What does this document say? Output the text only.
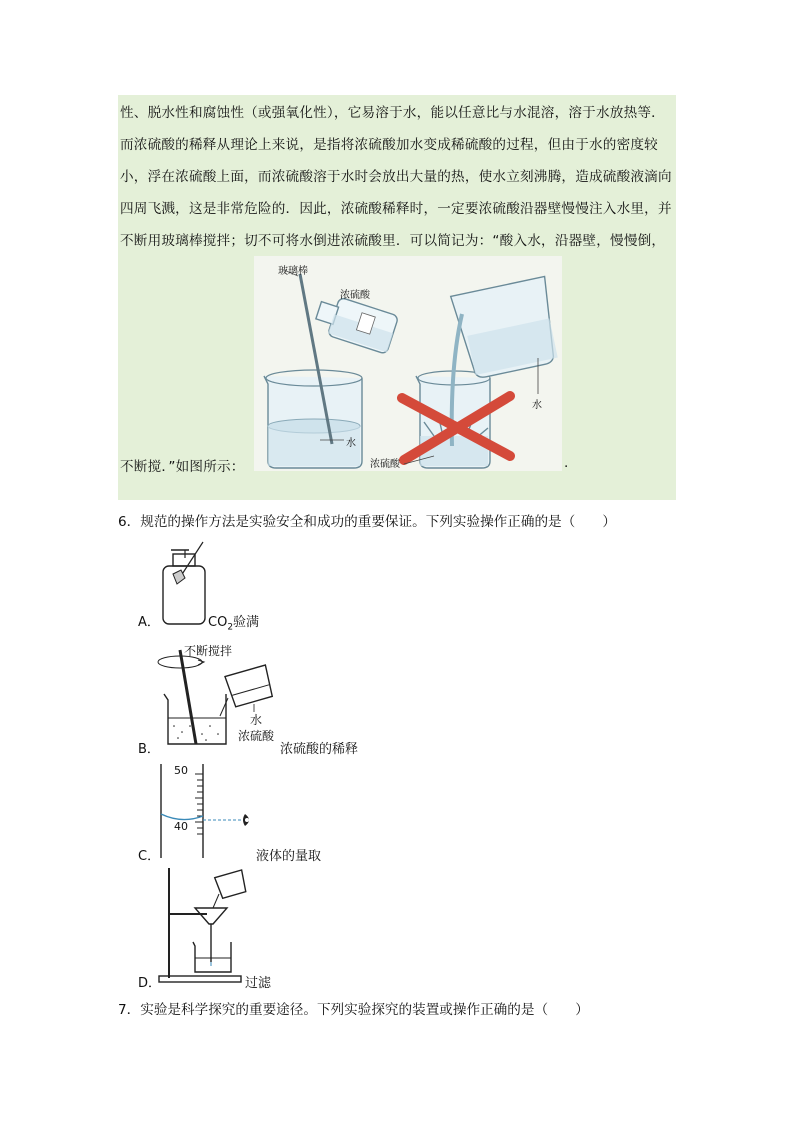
性、脱水性和腐蚀性（或强氧化性），它易溶于水，能以任意比与水混溶，溶于水放热等．
而浓硫酸的稀释从理论上来说，是指将浓硫酸加水变成稀硫酸的过程，但由于水的密度较
小，浮在浓硫酸上面，而浓硫酸溶于水时会放出大量的热，使水立刻沸腾，造成硫酸液滴向
四周飞溅，这是非常危险的．因此，浓硫酸稀释时，一定要浓硫酸沿器壁慢慢注入水里，并
不断用玻璃棒搅拌；切不可将水倒进浓硫酸里．可以简记为：“酸入水，沿器壁，慢慢倒，
不断搅．”如图所示：	.
玻璃棒
浓硫酸
水
水
浓硫酸
6．规范的操作方法是实验安全和成功的重要保证。下列实验操作正确的是（　　）
A．	$CO_2$验满
不断搅拌
水
浓硫酸
B．	浓硫酸的稀释
50
40
C．	液体的量取
D．	过滤
7．实验是科学探究的重要途径。下列实验探究的装置或操作正确的是（　　）
